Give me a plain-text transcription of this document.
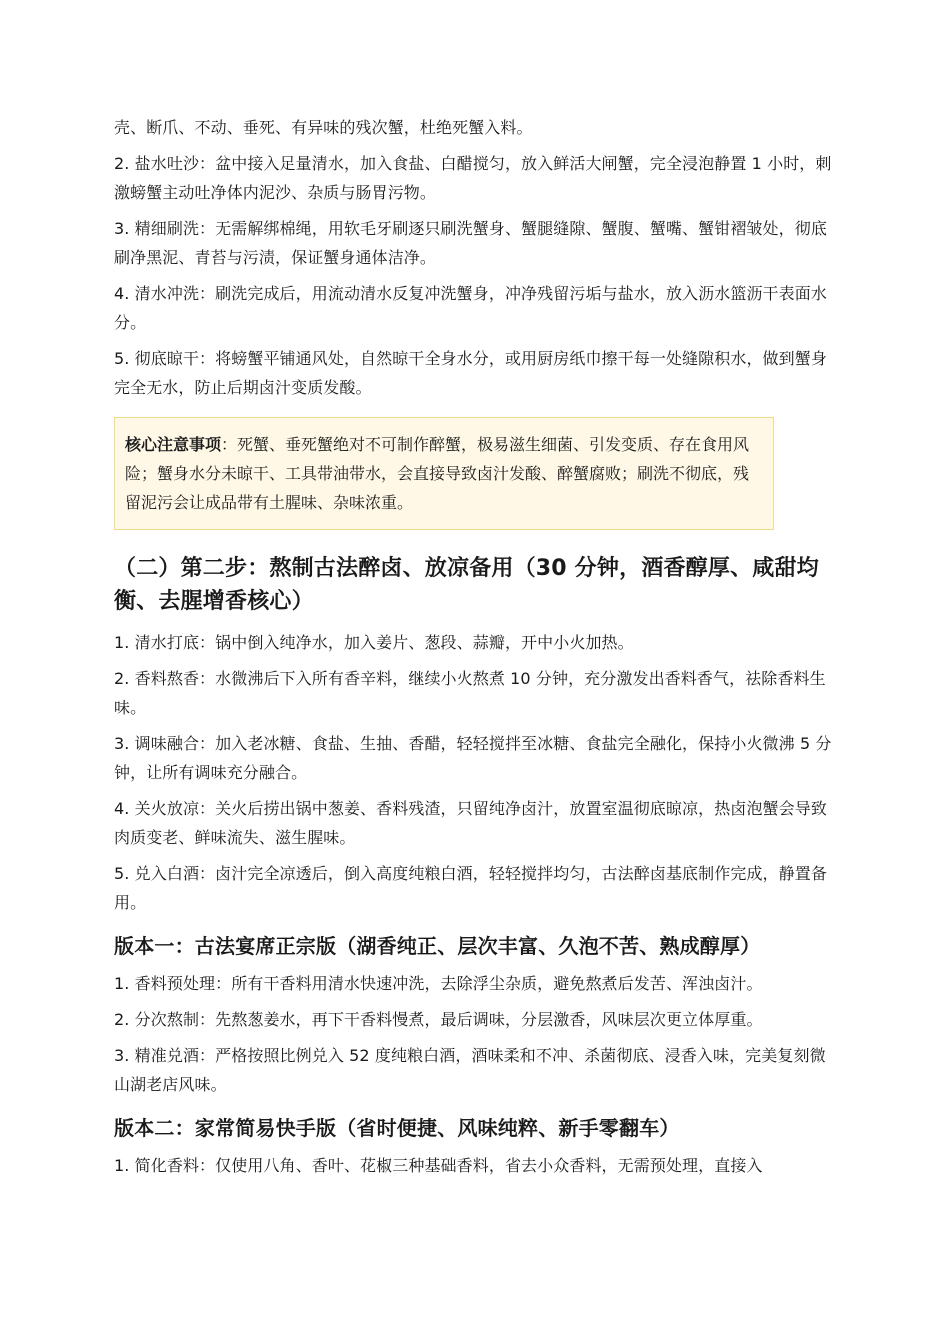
壳、断爪、不动、垂死、有异味的残次蟹，杜绝死蟹入料。

2. 盐水吐沙：盆中接入足量清水，加入食盐、白醋搅匀，放入鲜活大闸蟹，完全浸泡静置 1 小时，刺激螃蟹主动吐净体内泥沙、杂质与肠胃污物。

3. 精细刷洗：无需解绑棉绳，用软毛牙刷逐只刷洗蟹身、蟹腿缝隙、蟹腹、蟹嘴、蟹钳褶皱处，彻底刷净黑泥、青苔与污渍，保证蟹身通体洁净。

4. 清水冲洗：刷洗完成后，用流动清水反复冲洗蟹身，冲净残留污垢与盐水，放入沥水篮沥干表面水分。

5. 彻底晾干：将螃蟹平铺通风处，自然晾干全身水分，或用厨房纸巾擦干每一处缝隙积水，做到蟹身完全无水，防止后期卤汁变质发酸。

核心注意事项：死蟹、垂死蟹绝对不可制作醉蟹，极易滋生细菌、引发变质、存在食用风险；蟹身水分未晾干、工具带油带水，会直接导致卤汁发酸、醉蟹腐败；刷洗不彻底，残留泥污会让成品带有土腥味、杂味浓重。
（二）第二步：熬制古法醉卤、放凉备用（30 分钟，酒香醇厚、咸甜均衡、去腥增香核心）

1. 清水打底：锅中倒入纯净水，加入姜片、葱段、蒜瓣，开中小火加热。

2. 香料熬香：水微沸后下入所有香辛料，继续小火熬煮 10 分钟，充分激发出香料香气，祛除香料生味。

3. 调味融合：加入老冰糖、食盐、生抽、香醋，轻轻搅拌至冰糖、食盐完全融化，保持小火微沸 5 分钟，让所有调味充分融合。

4. 关火放凉：关火后捞出锅中葱姜、香料残渣，只留纯净卤汁，放置室温彻底晾凉，热卤泡蟹会导致肉质变老、鲜味流失、滋生腥味。

5. 兑入白酒：卤汁完全凉透后，倒入高度纯粮白酒，轻轻搅拌均匀，古法醉卤基底制作完成，静置备用。

版本一：古法宴席正宗版（湖香纯正、层次丰富、久泡不苦、熟成醇厚）

1. 香料预处理：所有干香料用清水快速冲洗，去除浮尘杂质，避免熬煮后发苦、浑浊卤汁。

2. 分次熬制：先熬葱姜水，再下干香料慢煮，最后调味，分层激香，风味层次更立体厚重。

3. 精准兑酒：严格按照比例兑入 52 度纯粮白酒，酒味柔和不冲、杀菌彻底、浸香入味，完美复刻微山湖老店风味。

版本二：家常简易快手版（省时便捷、风味纯粹、新手零翻车）

1. 简化香料：仅使用八角、香叶、花椒三种基础香料，省去小众香料，无需预处理，直接入
